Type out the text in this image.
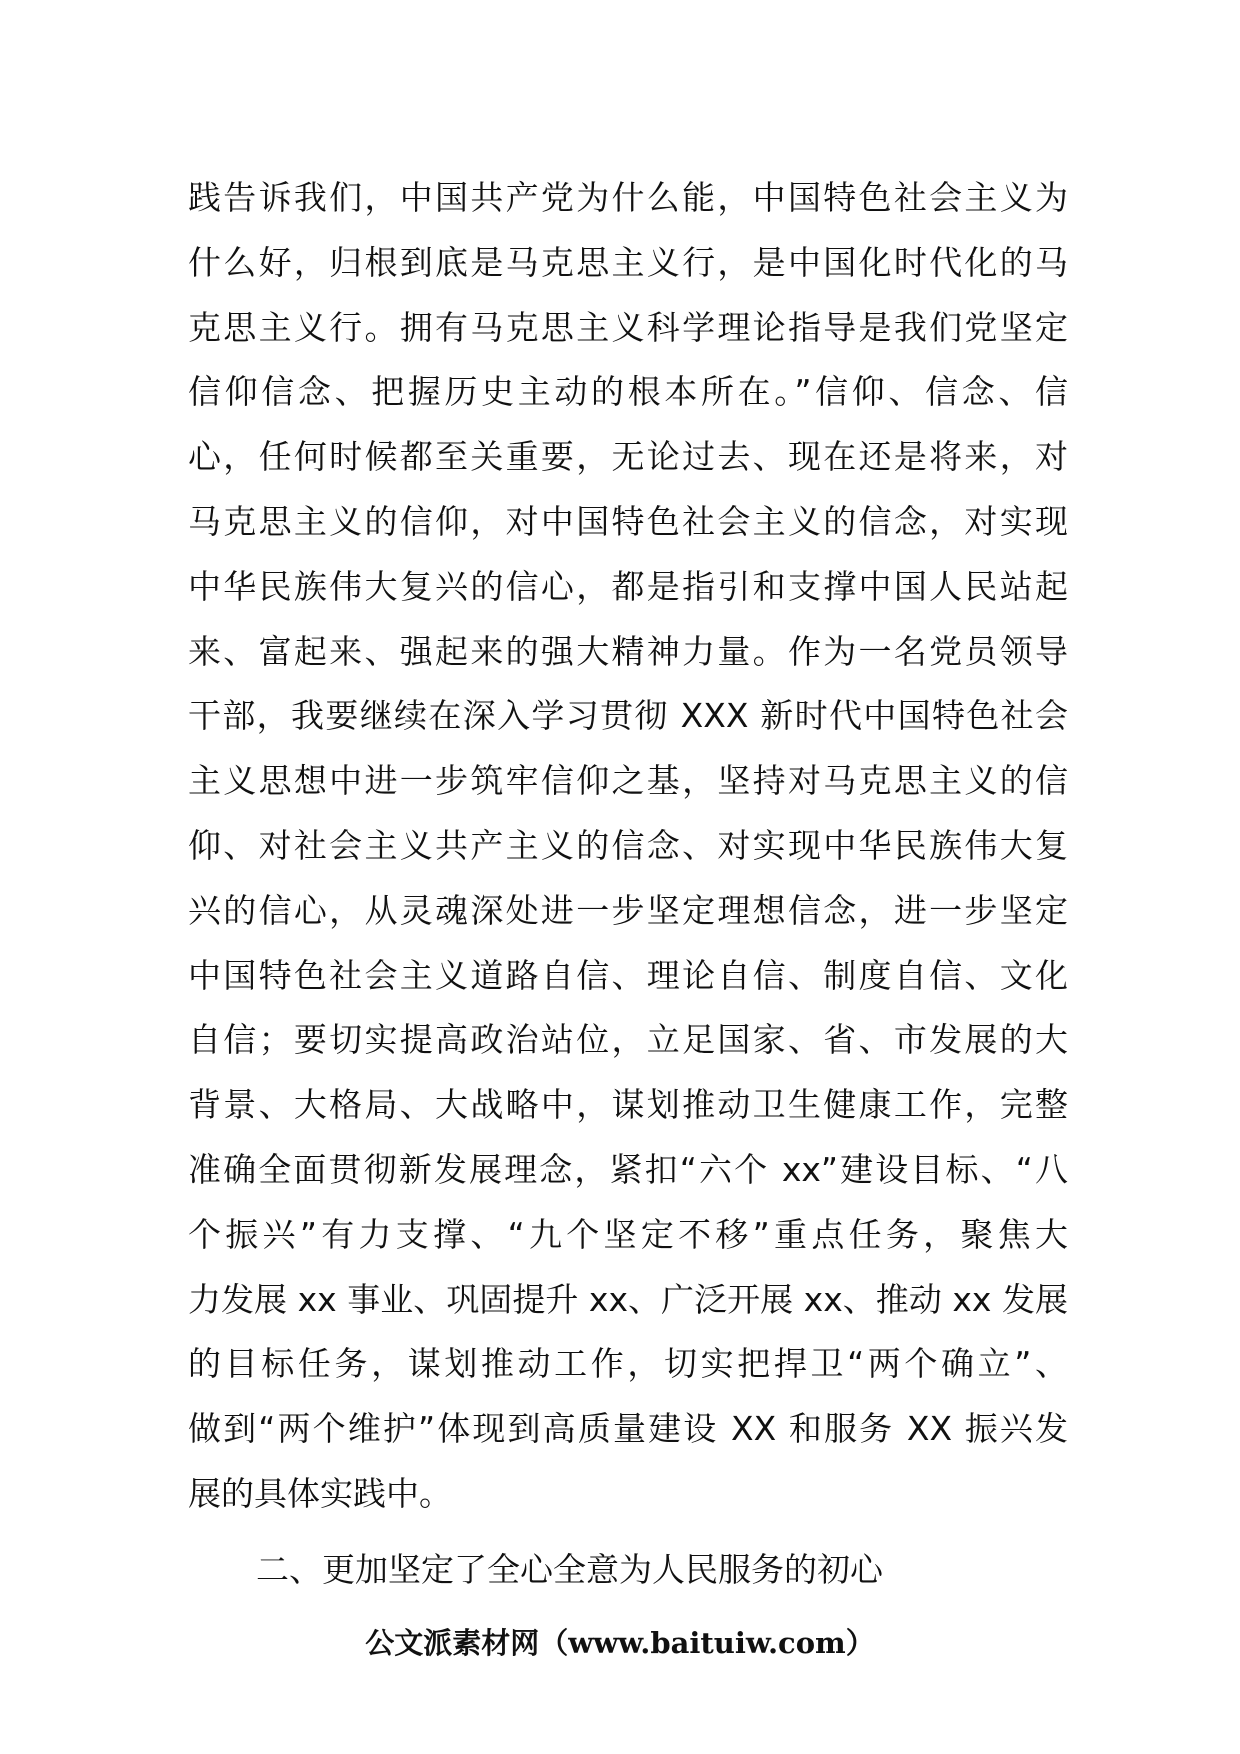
践告诉我们，中国共产党为什么能，中国特色社会主义为
什么好，归根到底是马克思主义行，是中国化时代化的马
克思主义行。拥有马克思主义科学理论指导是我们党坚定
信仰信念、把握历史主动的根本所在。”信仰、信念、信
心，任何时候都至关重要，无论过去、现在还是将来，对
马克思主义的信仰，对中国特色社会主义的信念，对实现
中华民族伟大复兴的信心，都是指引和支撑中国人民站起
来、富起来、强起来的强大精神力量。作为一名党员领导
干部，我要继续在深入学习贯彻 XXX 新时代中国特色社会
主义思想中进一步筑牢信仰之基，坚持对马克思主义的信
仰、对社会主义共产主义的信念、对实现中华民族伟大复
兴的信心，从灵魂深处进一步坚定理想信念，进一步坚定
中国特色社会主义道路自信、理论自信、制度自信、文化
自信；要切实提高政治站位，立足国家、省、市发展的大
背景、大格局、大战略中，谋划推动卫生健康工作，完整
准确全面贯彻新发展理念，紧扣“六个 xx”建设目标、“八
个振兴”有力支撑、“九个坚定不移”重点任务，聚焦大
力发展 xx 事业、巩固提升 xx、广泛开展 xx、推动 xx 发展
的目标任务，谋划推动工作，切实把捍卫“两个确立”、
做到“两个维护”体现到高质量建设 XX 和服务 XX 振兴发
展的具体实践中。
二、更加坚定了全心全意为人民服务的初心
公文派素材网（www.baituiw.com）
